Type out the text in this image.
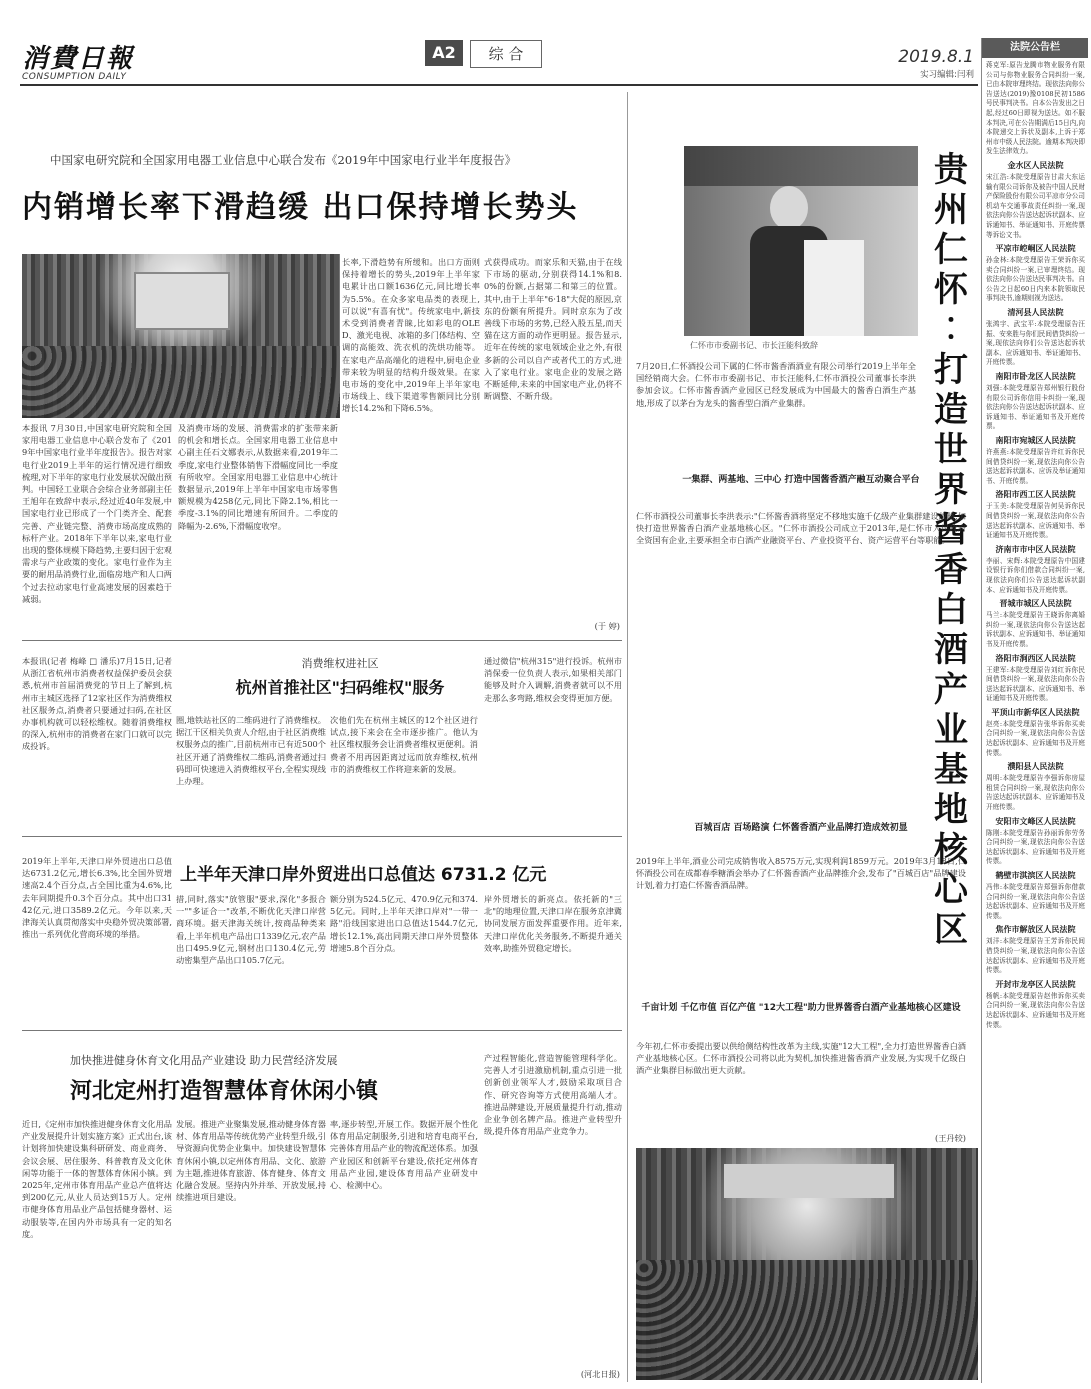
消費日報
CONSUMPTION DAILY
A2	综 合	2019.8.1
实习编辑:闫利
法院公告栏
蒋克军:原告龙腾市物业服务有限公司与你物业服务合同纠纷一案,已由本院审理终结。现依法向你公告送达(2019)豫0108民初1586号民事判决书。自本公告发出之日起,经过60日即视为送达。如不服本判决,可在公告期满后15日内,向本院递交上诉状及副本,上诉于郑州市中级人民法院。逾期本判决即发生法律效力。
金水区人民法院
宋江浩:本院受理原告甘肃大东运输有限公司诉你及被告中国人民财产保险股份有限公司平凉市分公司机动车交通事故责任纠纷一案,现依法向你公告送达起诉状副本、应诉通知书、举证通知书、开庭传票等诉讼文书。
平凉市崆峒区人民法院
孙金林:本院受理原告王荣诉你买卖合同纠纷一案,已审理终结。现依法向你公告送达民事判决书。自公告之日起60日内来本院领取民事判决书,逾期则视为送达。
清河县人民法院
张鸿宇、武宝平:本院受理原告汪振、安来胜与你们民间借贷纠纷一案,现依法向你们公告送达起诉状副本、应诉通知书、举证通知书、开庭传票。
南阳市卧龙区人民法院
刘强:本院受理原告郑州银行股份有限公司诉你信用卡纠纷一案,现依法向你公告送达起诉状副本、应诉通知书、举证通知书及开庭传票。
南阳市宛城区人民法院
许燕燕:本院受理原告许红诉你民间借贷纠纷一案,现依法向你公告送达起诉状副本、应诉及举证通知书、开庭传票。
洛阳市西工区人民法院
于玉美:本院受理原告何吴诉你民间借贷纠纷一案,现依法向你公告送达起诉状副本、应诉通知书、举证通知书及开庭传票。
济南市市中区人民法院
李丽、宋辉:本院受理原告中国建设银行诉你们借款合同纠纷一案,现依法向你们公告送达起诉状副本、应诉通知书及开庭传票。
晋城市城区人民法院
马兰:本院受理原告王晓诉你离婚纠纷一案,现依法向你公告送达起诉状副本、应诉通知书、举证通知书及开庭传票。
洛阳市涧西区人民法院
王建军:本院受理原告刘红诉你民间借贷纠纷一案,现依法向你公告送达起诉状副本、应诉通知书、举证通知书及开庭传票。
平顶山市新华区人民法院
赵亮:本院受理原告张华诉你买卖合同纠纷一案,现依法向你公告送达起诉状副本、应诉通知书及开庭传票。
濮阳县人民法院
周明:本院受理原告李强诉你房屋租赁合同纠纷一案,现依法向你公告送达起诉状副本、应诉通知书及开庭传票。
安阳市文峰区人民法院
陈刚:本院受理原告孙丽诉你劳务合同纠纷一案,现依法向你公告送达起诉状副本、应诉通知书及开庭传票。
鹤壁市淇滨区人民法院
冯伟:本院受理原告郑强诉你借款合同纠纷一案,现依法向你公告送达起诉状副本、应诉通知书及开庭传票。
焦作市解放区人民法院
刘洋:本院受理原告王芳诉你民间借贷纠纷一案,现依法向你公告送达起诉状副本、应诉通知书及开庭传票。
开封市龙亭区人民法院
杨帆:本院受理原告赵伟诉你买卖合同纠纷一案,现依法向你公告送达起诉状副本、应诉通知书及开庭传票。
中国家电研究院和全国家用电器工业信息中心联合发布《2019年中国家电行业半年度报告》
内销增长率下滑趋缓 出口保持增长势头
本报讯 7月30日,中国家电研究院和全国家用电器工业信息中心联合发布了《2019年中国家电行业半年度报告》。报告对家电行业2019上半年的运行情况进行细致梳理,对下半年的家电行业发展状况做出预判。中国轻工业联合会综合业务部副主任王旭年在致辞中表示,经过近40年发展,中国家电行业已形成了一个门类齐全、配套完善、产业链完整、消费市场高度成熟的标杆产业。2018年下半年以来,家电行业出现的整体规模下降趋势,主要归因于宏观需求与产业政策的变化。家电行业作为主要的耐用品消费行业,面临房地产和人口两个过去拉动家电行业高速发展的因素趋于减弱。
及消费市场的发展、消费需求的扩张带来新的机会和增长点。全国家用电器工业信息中心副主任石文娜表示,从数据来看,2019年二季度,家电行业整体销售下滑幅度同比一季度有所收窄。全国家用电器工业信息中心统计数据显示,2019年上半年中国家电市场零售额规模为4258亿元,同比下降2.1%,相比一季度-3.1%的同比增速有所回升。二季度的降幅为-2.6%,下滑幅度收窄。
长率,下滑趋势有所缓和。出口方面则保持着增长的势头,2019年上半年家电累计出口额1636亿元,同比增长率为5.5%。在众多家电品类的表现上,可以说"有喜有忧"。传统家电中,新技术受到消费者青睐,比如彩电的OLED、激光电视、冰箱的多门体结构、空调的高能效、洗衣机的洗烘功能等。在家电产品高端化的进程中,厨电企业带来较为明显的结构升级效果。在家电市场的变化中,2019年上半年家电市场线上、线下渠道零售额同比分别增长14.2%和下降6.5%。
式获得成功。而家乐和天猫,由于在线下市场的驱动,分别获得14.1%和8.0%的份额,占据第二和第三的位置。其中,由于上半年"6·18"大促的原因,京东的份额有所提升。同时京东为了改善线下市场的劣势,已经入股五星,而天猫在这方面的动作更明显。报告显示,近年在传统的家电领域企业之外,有很多新的公司以自产或者代工的方式,进入了家电行业。家电企业的发展之路不断延伸,未来的中国家电产业,仍将不断调整、不断升级。
(于 婷)
消费维权进社区
杭州首推社区"扫码维权"服务
本报讯(记者 梅峰 □ 潘乐)7月15日,记者从浙江省杭州市消费者权益保护委员会获悉,杭州市首届消费党的节日上了解到,杭州市主城区选择了12家社区作为消费维权社区服务点,消费者只要通过扫码,在社区办事机构就可以轻松维权。随着消费维权的深入,杭州市的消费者在家门口就可以完成投诉。
圈,地铁站社区的二维码进行了消费维权。据江干区相关负责人介绍,由于社区消费维权服务点的推广,目前杭州市已有近500个社区开通了消费维权二维码,消费者通过扫码即可快速进入消费维权平台,全程实现线上办理。
次他们先在杭州主城区的12个社区进行试点,接下来会在全市逐步推广。他认为社区维权服务会让消费者维权更便利。消费者不用再因距离过远而放弃维权,杭州市的消费维权工作将迎来新的发展。
通过微信"杭州315"进行投诉。杭州市消保委一位负责人表示,如果相关部门能够及时介入调解,消费者就可以不用走那么多弯路,维权会变得更加方便。
上半年天津口岸外贸进出口总值达 6731.2 亿元
2019年上半年,天津口岸外贸进出口总值达6731.2亿元,增长6.3%,比全国外贸增速高2.4个百分点,占全国比重为4.6%,比去年同期提升0.3个百分点。其中出口3142亿元,进口3589.2亿元。今年以来,天津海关认真贯彻落实中央稳外贸决策部署,推出一系列优化营商环境的举措。
措,同时,落实"放管服"要求,深化"多报合一""多证合一"改革,不断优化天津口岸营商环境。据天津海关统计,按商品种类来看,上半年机电产品出口1339亿元,农产品出口495.9亿元,钢材出口130.4亿元,劳动密集型产品出口105.7亿元。
额分别为524.5亿元、470.9亿元和374.5亿元。同时,上半年天津口岸对"一带一路"沿线国家进出口总值达1544.7亿元,增长12.1%,高出同期天津口岸外贸整体增速5.8个百分点。
岸外贸增长的新亮点。依托新的"三北"的地理位置,天津口岸在服务京津冀协同发展方面发挥重要作用。近年来,天津口岸优化关务服务,不断提升通关效率,助推外贸稳定增长。
加快推进健身休育文化用品产业建设 助力民营经济发展
河北定州打造智慧体育休闲小镇
近日,《定州市加快推进健身休育文化用品产业发展提升计划实施方案》正式出台,该计划将加快建设集科研研发、商业商务、会议会展、居住服务、科普教育及文化休闲等功能于一体的智慧体育休闲小镇。到2025年,定州市体育用品产业总产值将达到200亿元,从业人员达到15万人。定州市健身体育用品业产品包括健身器材、运动服装等,在国内外市场具有一定的知名度。
发展。推进产业聚集发展,推动健身体育器材、体育用品等传统优势产业转型升级,引导资源向优势企业集中。加快建设智慧体育休闲小镇,以定州体育用品、文化、旅游为主题,推进体育旅游、体育健身、体育文化融合发展。坚持内外并举、开放发展,持续推进项目建设。
率,逐步转型,开展工作。数据开展个性化体育用品定制服务,引进和培育电商平台,完善体育用品产业的物流配送体系。加强产业园区和创新平台建设,依托定州体育用品产业园,建设体育用品产业研发中心、检测中心。
产过程智能化,营造智能管理科学化。完善人才引进激励机制,重点引进一批创新创业领军人才,鼓励采取项目合作、研究咨询等方式使用高端人才。推进品牌建设,开展质量提升行动,推动企业争创名牌产品。推进产业转型升级,提升体育用品产业竞争力。
(河北日报)
仁怀市市委副书记、市长汪能科致辞
贵
州
仁
怀
︰
打
造
世
界
酱
香
白
酒
产
业
基
地
核
心
区
7月20日,仁怀酒投公司下属的仁怀市酱香酒酒业有限公司举行2019上半年全国经销商大会。仁怀市市委副书记、市长汪能科,仁怀市酒投公司董事长李洪参加会议。仁怀市酱香酒产业园区已经发展成为中国最大的酱香白酒生产基地,形成了以茅台为龙头的酱香型白酒产业集群。
一集群、两基地、三中心 打造中国酱香酒产融互动聚合平台
仁怀市酒投公司董事长李洪表示:"仁怀酱香酒将坚定不移地实施千亿级产业集群建设战略,加快打造世界酱香白酒产业基地核心区。"仁怀市酒投公司成立于2013年,是仁怀市人民政府全资国有企业,主要承担全市白酒产业融资平台、产业投资平台、资产运营平台等职能。
百城百店 百场路演 仁怀酱香酒产业品牌打造成效初显
2019年上半年,酒业公司完成销售收入8575万元,实现利润1859万元。2019年3月18日,仁怀酒投公司在成都春季糖酒会举办了仁怀酱香酒产业品牌推介会,发布了"百城百店"品牌建设计划,着力打造仁怀酱香酒品牌。
千亩计划 千亿市值 百亿产值 "12大工程"助力世界酱香白酒产业基地核心区建设
今年初,仁怀市委提出要以供给侧结构性改革为主线,实施"12大工程",全力打造世界酱香白酒产业基地核心区。仁怀市酒投公司将以此为契机,加快推进酱香酒产业发展,为实现千亿级白酒产业集群目标做出更大贡献。
(王丹较)
